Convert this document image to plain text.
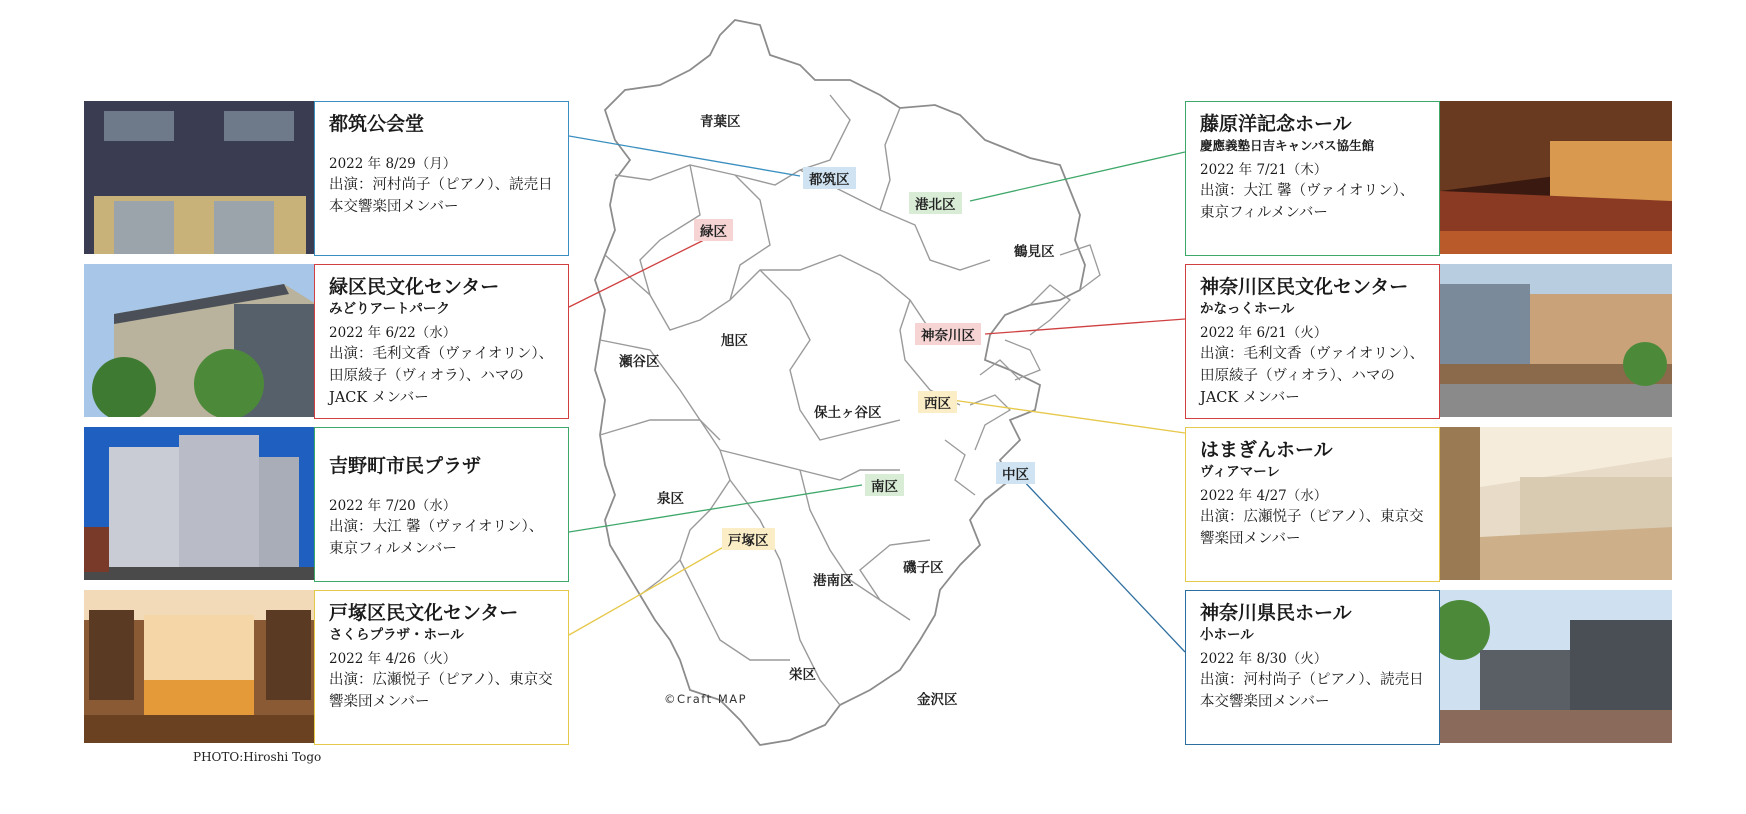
青葉区
都筑区
港北区
緑区
鶴見区
神奈川区
瀬谷区
旭区
保土ヶ谷区
西区
泉区
南区
中区
戸塚区
港南区
磯子区
栄区
金沢区
©Craft MAP
都筑公会堂
2022 年 8/29（月）
出演：河村尚子（ピアノ）、読売日本交響楽団メンバー
緑区民文化センター
みどりアートパーク
2022 年 6/22（水）
出演：毛利文香（ヴァイオリン）、田原綾子（ヴィオラ）、ハマの JACK メンバー
吉野町市民プラザ
2022 年 7/20（水）
出演：大江 馨（ヴァイオリン）、東京フィルメンバー
戸塚区民文化センター
さくらプラザ・ホール
2022 年 4/26（火）
出演：広瀬悦子（ピアノ）、東京交響楽団メンバー
PHOTO:Hiroshi Togo
藤原洋記念ホール
慶應義塾日吉キャンパス協生館
2022 年 7/21（木）
出演：大江 馨（ヴァイオリン）、東京フィルメンバー
神奈川区民文化センター
かなっくホール
2022 年 6/21（火）
出演：毛利文香（ヴァイオリン）、田原綾子（ヴィオラ）、ハマの JACK メンバー
はまぎんホール
ヴィアマーレ
2022 年 4/27（水）
出演：広瀬悦子（ピアノ）、東京交響楽団メンバー
神奈川県民ホール
小ホール
2022 年 8/30（火）
出演：河村尚子（ピアノ）、読売日本交響楽団メンバー
